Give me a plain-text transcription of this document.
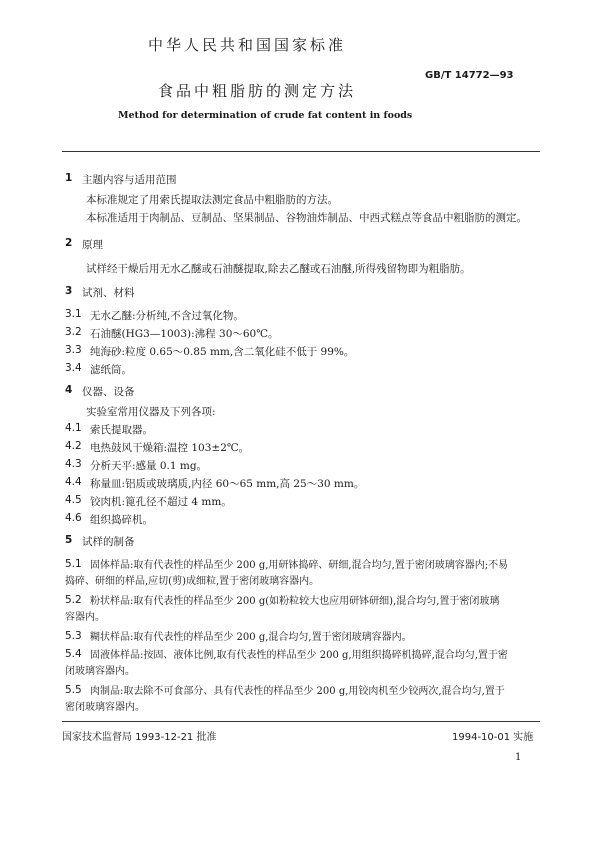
中华人民共和国国家标准
GB/T 14772—93
食品中粗脂肪的测定方法
Method for determination of crude fat content in foods
1 主题内容与适用范围
本标准规定了用索氏提取法测定食品中粗脂肪的方法。
本标准适用于肉制品、豆制品、坚果制品、谷物油炸制品、中西式糕点等食品中粗脂肪的测定。
2 原理
试样经干燥后用无水乙醚或石油醚提取,除去乙醚或石油醚,所得残留物即为粗脂肪。
3 试剂、材料
3.1 无水乙醚:分析纯,不含过氧化物。
3.2 石油醚(HG3—1003):沸程 30～60℃。
3.3 纯海砂:粒度 0.65～0.85 mm,含二氧化硅不低于 99%。
3.4 滤纸筒。
4 仪器、设备
实验室常用仪器及下列各项:
4.1 索氏提取器。
4.2 电热鼓风干燥箱:温控 103±2℃。
4.3 分析天平:感量 0.1 mg。
4.4 称量皿:铝质或玻璃质,内径 60～65 mm,高 25～30 mm。
4.5 铰肉机:篦孔径不超过 4 mm。
4.6 组织捣碎机。
5 试样的制备
5.1 固体样品:取有代表性的样品至少 200 g,用研钵捣碎、研细,混合均匀,置于密闭玻璃容器内;不易
捣碎、研细的样品,应切(剪)成细粒,置于密闭玻璃容器内。
5.2 粉状样品:取有代表性的样品至少 200 g(如粉粒较大也应用研钵研细),混合均匀,置于密闭玻璃
容器内。
5.3 糊状样品:取有代表性的样品至少 200 g,混合均匀,置于密闭玻璃容器内。
5.4 固液体样品:按固、液体比例,取有代表性的样品至少 200 g,用组织捣碎机捣碎,混合均匀,置于密
闭玻璃容器内。
5.5 肉制品:取去除不可食部分、具有代表性的样品至少 200 g,用铰肉机至少铰两次,混合均匀,置于
密闭玻璃容器内。
国家技术监督局 1993-12-21 批准	1994-10-01 实施
1
